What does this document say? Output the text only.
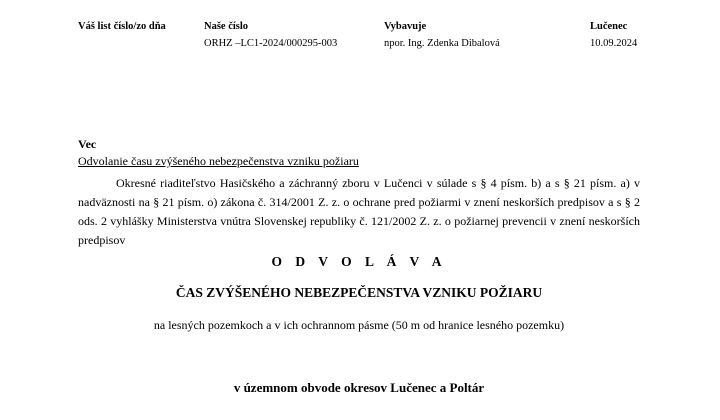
Váš list číslo/zo dňa	Naše číslo
ORHZ –LC1-2024/000295-003
Vybavuje
npor. Ing. Zdenka Dibalová
Lučenec
10.09.2024
Vec
Odvolanie času zvýšeného nebezpečenstva vzniku požiaru
Okresné riaditeľstvo Hasičského a záchranný zboru v Lučenci v súlade s § 4 písm. b) a s § 21 písm. a) v nadväznosti na § 21 písm. o) zákona č. 314/2001 Z. z. o ochrane pred požiarmi v znení neskorších predpisov a s § 2 ods. 2 vyhlášky Ministerstva vnútra Slovenskej republiky č. 121/2002 Z. z. o požiarnej prevencii v znení neskorších predpisov
O D V O L Á V A
ČAS ZVÝŠENÉHO NEBEZPEČENSTVA VZNIKU POŽIARU
na lesných pozemkoch a v ich ochrannom pásme (50 m od hranice lesného pozemku)
v územnom obvode okresov Lučenec a Poltár
